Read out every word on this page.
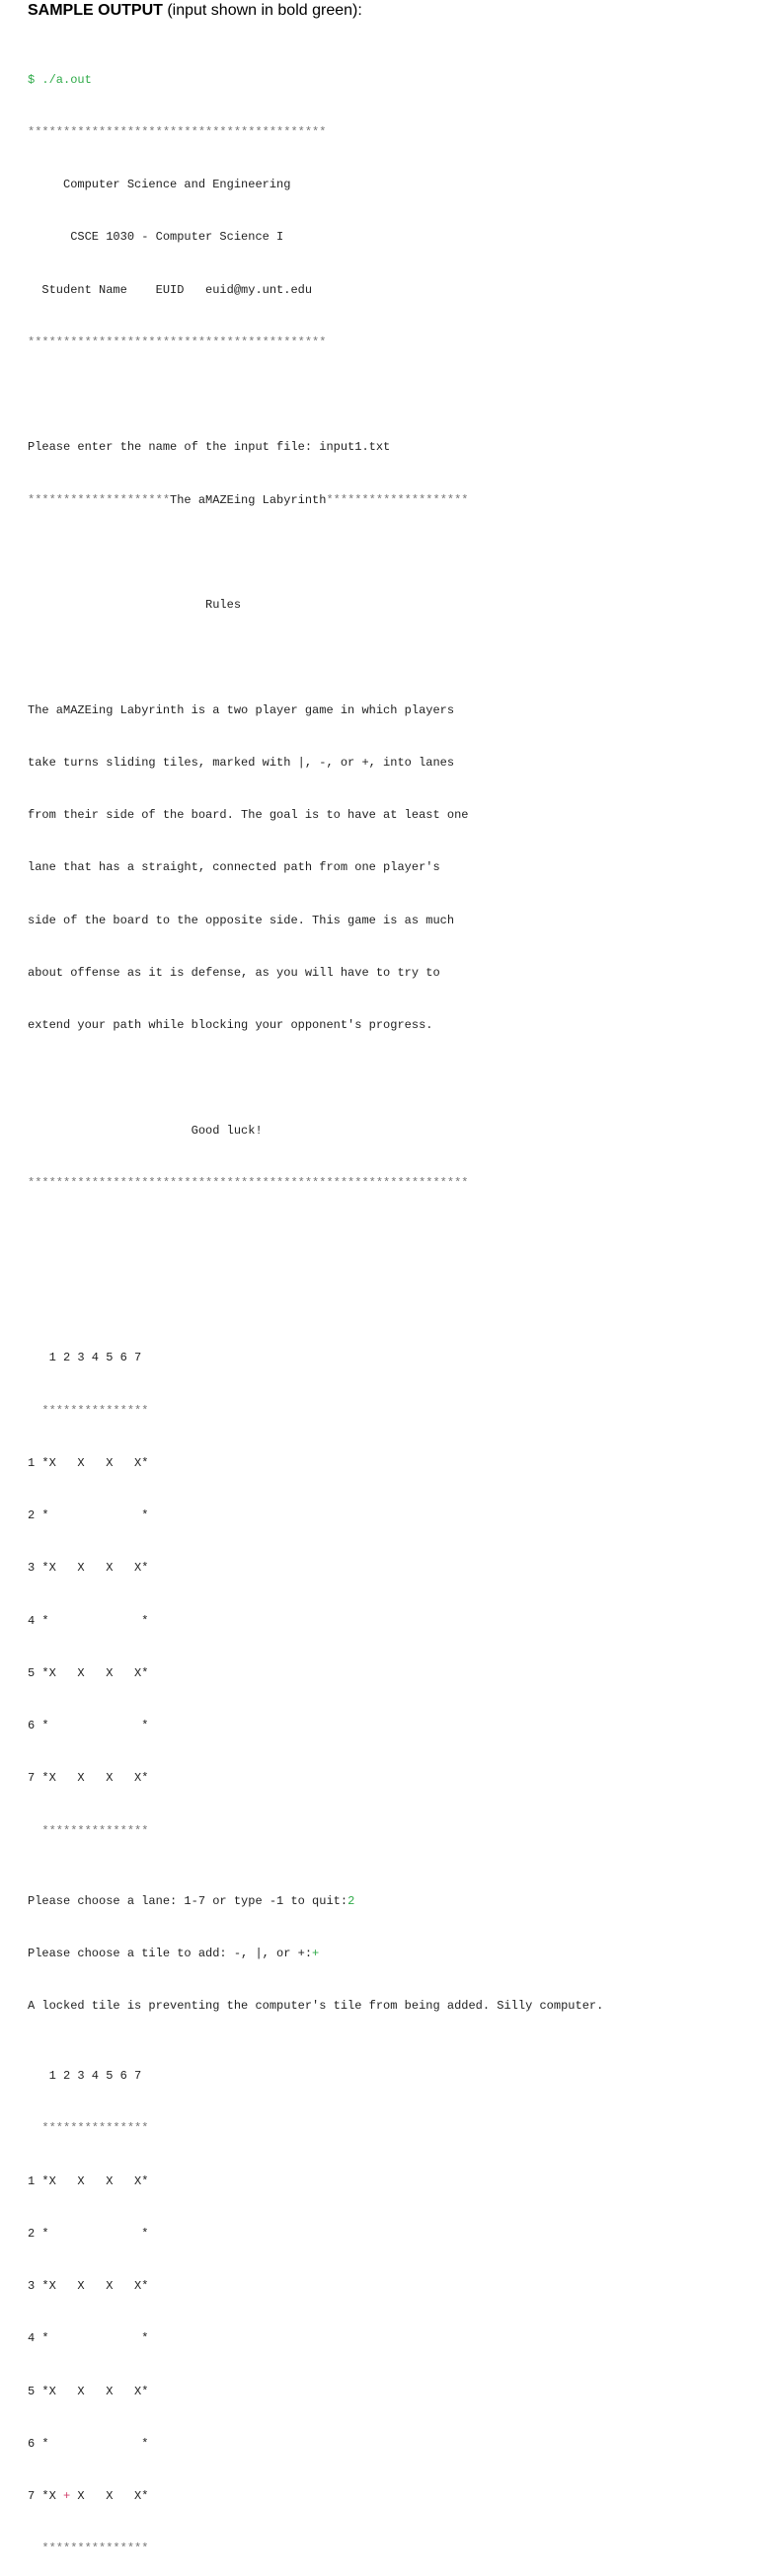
SAMPLE OUTPUT (input shown in bold green):

$ ./a.out

******************************************

Computer Science and Engineering

CSCE 1030 - Computer Science I

Student Name    EUID   euid@my.unt.edu

******************************************

Please enter the name of the input file: input1.txt

********************The aMAZEing Labyrinth********************

Rules

The aMAZEing Labyrinth is a two player game in which players

take turns sliding tiles, marked with |, -, or +, into lanes

from their side of the board. The goal is to have at least one

lane that has a straight, connected path from one player's

side of the board to the opposite side. This game is as much

about offense as it is defense, as you will have to try to

extend your path while blocking your opponent's progress.

Good luck!

**************************************************************

1 2 3 4 5 6 7

***************

1 *X   X   X   X*

2 *             *

3 *X   X   X   X*

4 *             *

5 *X   X   X   X*

6 *             *

7 *X   X   X   X*

***************

Please choose a lane: 1-7 or type -1 to quit:2

Please choose a tile to add: -, |, or +:+

A locked tile is preventing the computer's tile from being added. Silly computer.

1 2 3 4 5 6 7

***************

1 *X   X   X   X*

2 *             *

3 *X   X   X   X*

4 *             *

5 *X   X   X   X*

6 *             *

7 *X + X   X   X*

***************
